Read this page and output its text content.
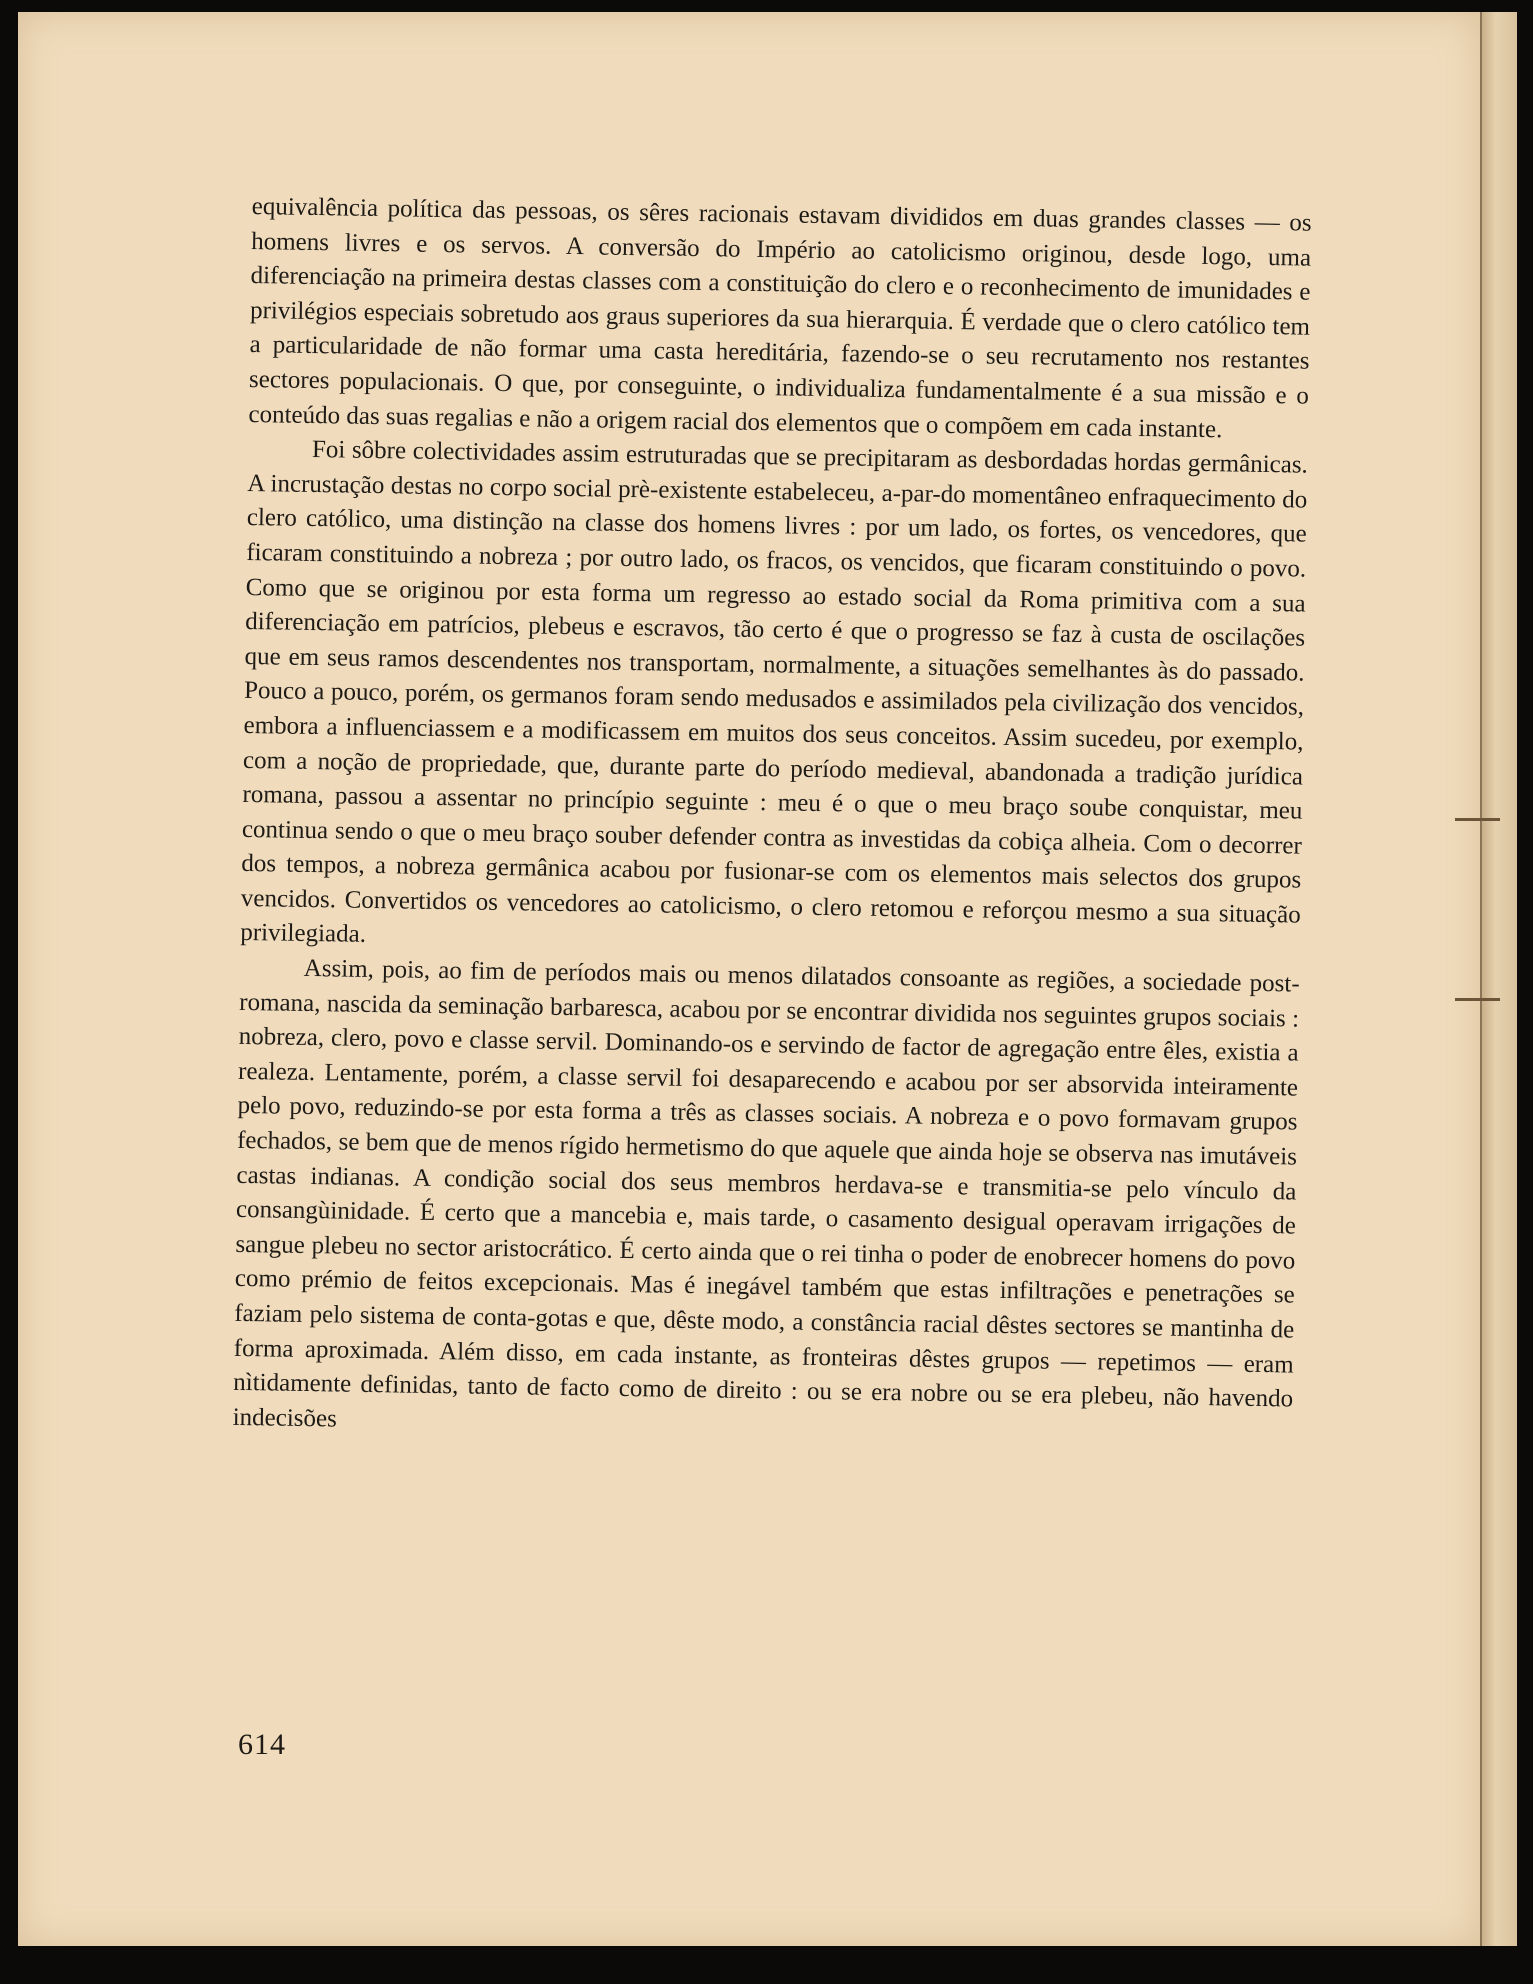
equivalência política das pessoas, os sêres racionais estavam divididos em duas grandes classes — os homens livres e os servos. A conversão do Império ao catolicismo originou, desde logo, uma diferenciação na primeira destas classes com a constituição do clero e o reconhecimento de imunidades e privilégios especiais sobretudo aos graus superiores da sua hierarquia. É verdade que o clero católico tem a particularidade de não formar uma casta hereditária, fazendo-se o seu recrutamento nos restantes sectores populacionais. O que, por conseguinte, o individualiza fundamentalmente é a sua missão e o conteúdo das suas regalias e não a origem racial dos elementos que o compõem em cada instante.

Foi sôbre colectividades assim estruturadas que se precipitaram as desbordadas hordas germânicas. A incrustação destas no corpo social prè-existente estabeleceu, a-par-do momentâneo enfraquecimento do clero católico, uma distinção na classe dos homens livres : por um lado, os fortes, os vencedores, que ficaram constituindo a nobreza ; por outro lado, os fracos, os vencidos, que ficaram constituindo o povo. Como que se originou por esta forma um regresso ao estado social da Roma primitiva com a sua diferenciação em patrícios, plebeus e escravos, tão certo é que o progresso se faz à custa de oscilações que em seus ramos descendentes nos transportam, normalmente, a situações semelhantes às do passado. Pouco a pouco, porém, os germanos foram sendo medusados e assimilados pela civilização dos vencidos, embora a influenciassem e a modificassem em muitos dos seus conceitos. Assim sucedeu, por exemplo, com a noção de propriedade, que, durante parte do período medieval, abandonada a tradição jurídica romana, passou a assentar no princípio seguinte : meu é o que o meu braço soube conquistar, meu continua sendo o que o meu braço souber defender contra as investidas da cobiça alheia. Com o decorrer dos tempos, a nobreza germânica acabou por fusionar-se com os elementos mais selectos dos grupos vencidos. Convertidos os vencedores ao catolicismo, o clero retomou e reforçou mesmo a sua situação privilegiada.

Assim, pois, ao fim de períodos mais ou menos dilatados consoante as regiões, a sociedade post-romana, nascida da seminação barbaresca, acabou por se encontrar dividida nos seguintes grupos sociais : nobreza, clero, povo e classe servil. Dominando-os e servindo de factor de agregação entre êles, existia a realeza. Lentamente, porém, a classe servil foi desaparecendo e acabou por ser absorvida inteiramente pelo povo, reduzindo-se por esta forma a três as classes sociais. A nobreza e o povo formavam grupos fechados, se bem que de menos rígido hermetismo do que aquele que ainda hoje se observa nas imutáveis castas indianas. A condição social dos seus membros herdava-se e transmitia-se pelo vínculo da consangùinidade. É certo que a mancebia e, mais tarde, o casamento desigual operavam irrigações de sangue plebeu no sector aristocrático. É certo ainda que o rei tinha o poder de enobrecer homens do povo como prémio de feitos excepcionais. Mas é inegável também que estas infiltrações e penetrações se faziam pelo sistema de conta-gotas e que, dêste modo, a constância racial dêstes sectores se mantinha de forma aproximada. Além disso, em cada instante, as fronteiras dêstes grupos — repetimos — eram nìtidamente definidas, tanto de facto como de direito : ou se era nobre ou se era plebeu, não havendo indecisões

614
